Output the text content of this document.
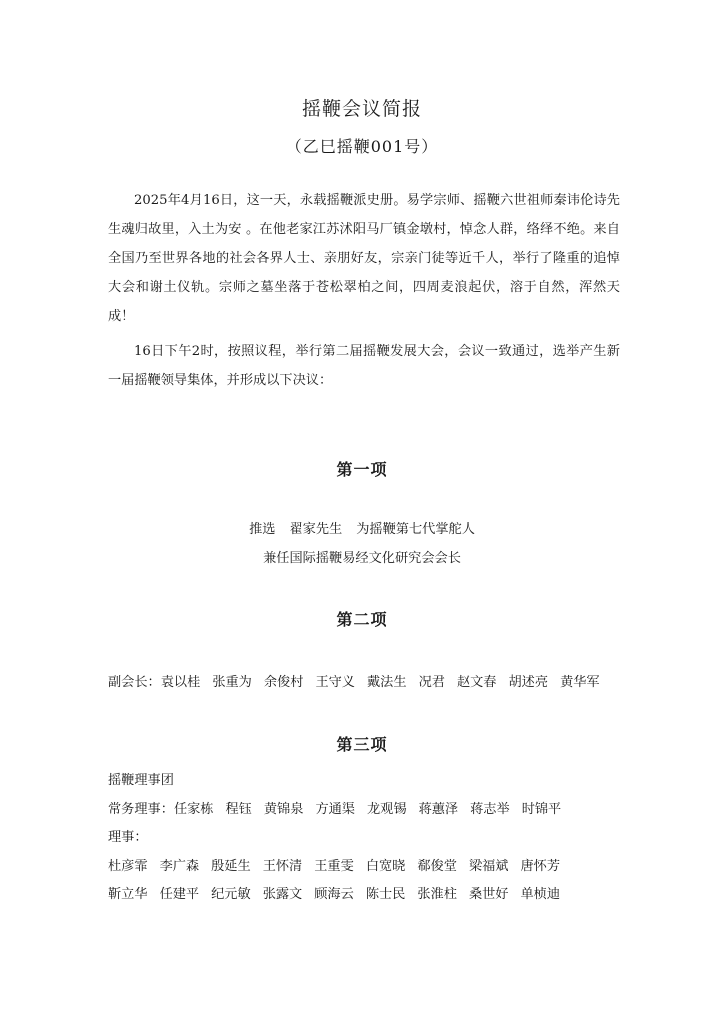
摇鞭会议简报
（乙巳摇鞭001号）
2025年4月16日，这一天，永载摇鞭派史册。易学宗师、摇鞭六世祖师秦讳伦诗先生魂归故里，入土为安 。在他老家江苏沭阳马厂镇金墩村，悼念人群，络绎不绝。来自全国乃至世界各地的社会各界人士、亲朋好友，宗亲门徒等近千人，举行了隆重的追悼大会和谢土仪轨。宗师之墓坐落于苍松翠柏之间，四周麦浪起伏，溶于自然，浑然天成！
16日下午2时，按照议程，举行第二届摇鞭发展大会，会议一致通过，选举产生新一届摇鞭领导集体，并形成以下决议：
第一项
推选 翟家先生 为摇鞭第七代掌舵人
兼任国际摇鞭易经文化研究会会长
第二项
副会长：袁以桂 张重为 余俊村 王守义 戴法生 况君 赵文春 胡述亮 黄华军
第三项
摇鞭理事团
常务理事：任家栋 程钰 黄锦泉 方通渠 龙观锡 蒋蕙泽 蒋志举 时锦平
理事：
杜彦霏 李广森 殷延生 王怀清 王重雯 白宽晓 郗俊堂 梁福斌 唐怀芳
靳立华 任建平 纪元敏 张露文 顾海云 陈士民 张淮柱 桑世好 单桢迪
